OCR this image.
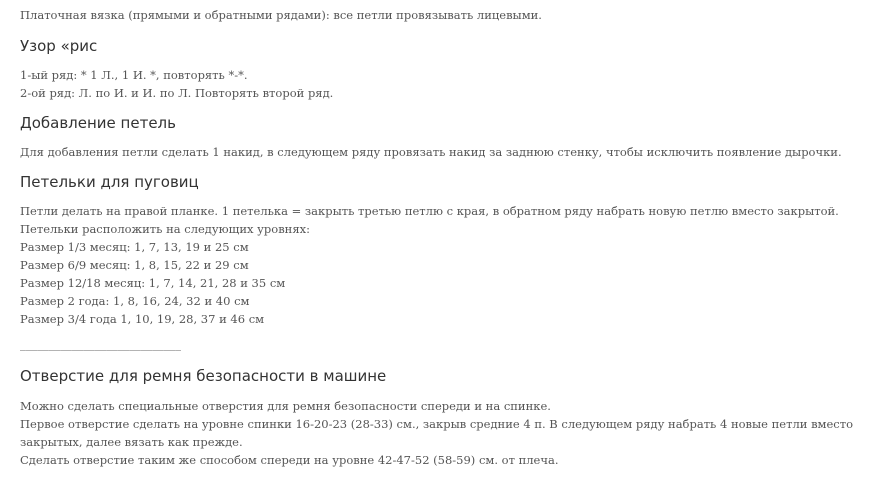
Платочная вязка (прямыми и обратными рядами): все петли провязывать лицевыми.

Узор «рис

1-ый ряд: * 1 Л., 1 И. *, повторять *-*.

2-ой ряд: Л. по И. и И. по Л. Повторять второй ряд.

Добавление петель

Для добавления петли сделать 1 накид, в следующем ряду провязать накид за заднюю стенку, чтобы исключить появление дырочки.

Петельки для пуговиц

Петли делать на правой планке. 1 петелька = закрыть третью петлю с края, в обратном ряду набрать новую петлю вместо закрытой.

Петельки расположить на следующих уровнях:

Размер 1/3 месяц: 1, 7, 13, 19 и 25 см

Размер 6/9 месяц: 1, 8, 15, 22 и 29 см

Размер 12/18 месяц: 1, 7, 14, 21, 28 и 35 см

Размер 2 года: 1, 8, 16, 24, 32 и 40 см

Размер 3/4 года 1, 10, 19, 28, 37 и 46 см

____________________________

Отверстие для ремня безопасности в машине

Можно сделать специальные отверстия для ремня безопасности спереди и на спинке.

Первое отверстие сделать на уровне спинки 16-20-23 (28-33) см., закрыв средние 4 п. В следующем ряду набрать 4 новые петли вместо закрытых, далее вязать как прежде.

Сделать отверстие таким же способом спереди на уровне 42-47-52 (58-59) см. от плеча.
